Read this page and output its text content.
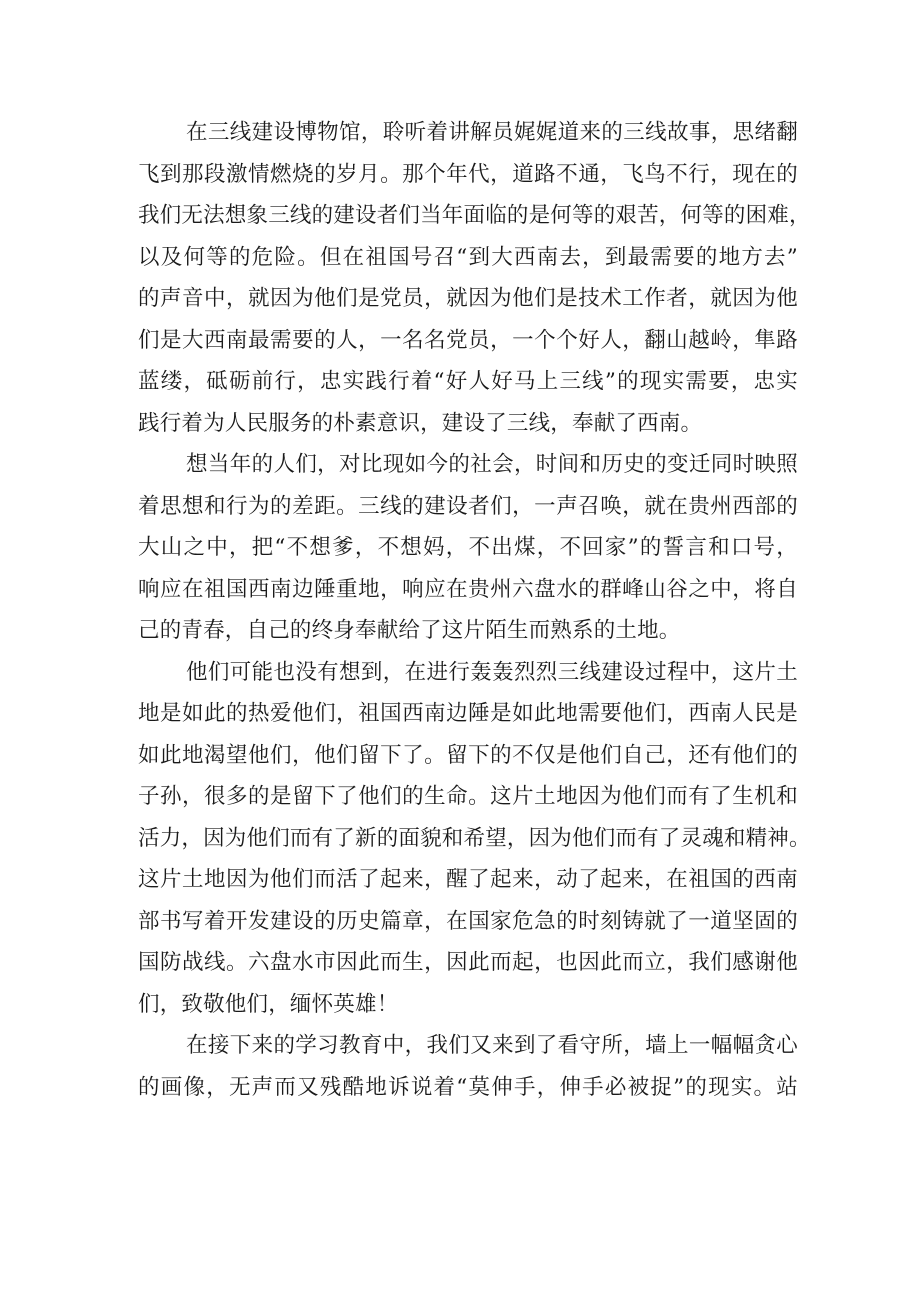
在三线建设博物馆，聆听着讲解员娓娓道来的三线故事，思绪翻
飞到那段激情燃烧的岁月。那个年代，道路不通，飞鸟不行，现在的
我们无法想象三线的建设者们当年面临的是何等的艰苦，何等的困难，
以及何等的危险。但在祖国号召“到大西南去，到最需要的地方去”
的声音中，就因为他们是党员，就因为他们是技术工作者，就因为他
们是大西南最需要的人，一名名党员，一个个好人，翻山越岭，隼路
蓝缕，砥砺前行，忠实践行着“好人好马上三线”的现实需要，忠实
践行着为人民服务的朴素意识，建设了三线，奉献了西南。

想当年的人们，对比现如今的社会，时间和历史的变迁同时映照
着思想和行为的差距。三线的建设者们，一声召唤，就在贵州西部的
大山之中，把“不想爹，不想妈，不出煤，不回家”的誓言和口号，
响应在祖国西南边陲重地，响应在贵州六盘水的群峰山谷之中，将自
己的青春，自己的终身奉献给了这片陌生而熟系的土地。

他们可能也没有想到，在进行轰轰烈烈三线建设过程中，这片土
地是如此的热爱他们，祖国西南边陲是如此地需要他们，西南人民是
如此地渴望他们，他们留下了。留下的不仅是他们自己，还有他们的
子孙，很多的是留下了他们的生命。这片土地因为他们而有了生机和
活力，因为他们而有了新的面貌和希望，因为他们而有了灵魂和精神。
这片土地因为他们而活了起来，醒了起来，动了起来，在祖国的西南
部书写着开发建设的历史篇章，在国家危急的时刻铸就了一道坚固的
国防战线。六盘水市因此而生，因此而起，也因此而立，我们感谢他
们，致敬他们，缅怀英雄！

在接下来的学习教育中，我们又来到了看守所，墙上一幅幅贪心
的画像，无声而又残酷地诉说着“莫伸手，伸手必被捉”的现实。站
